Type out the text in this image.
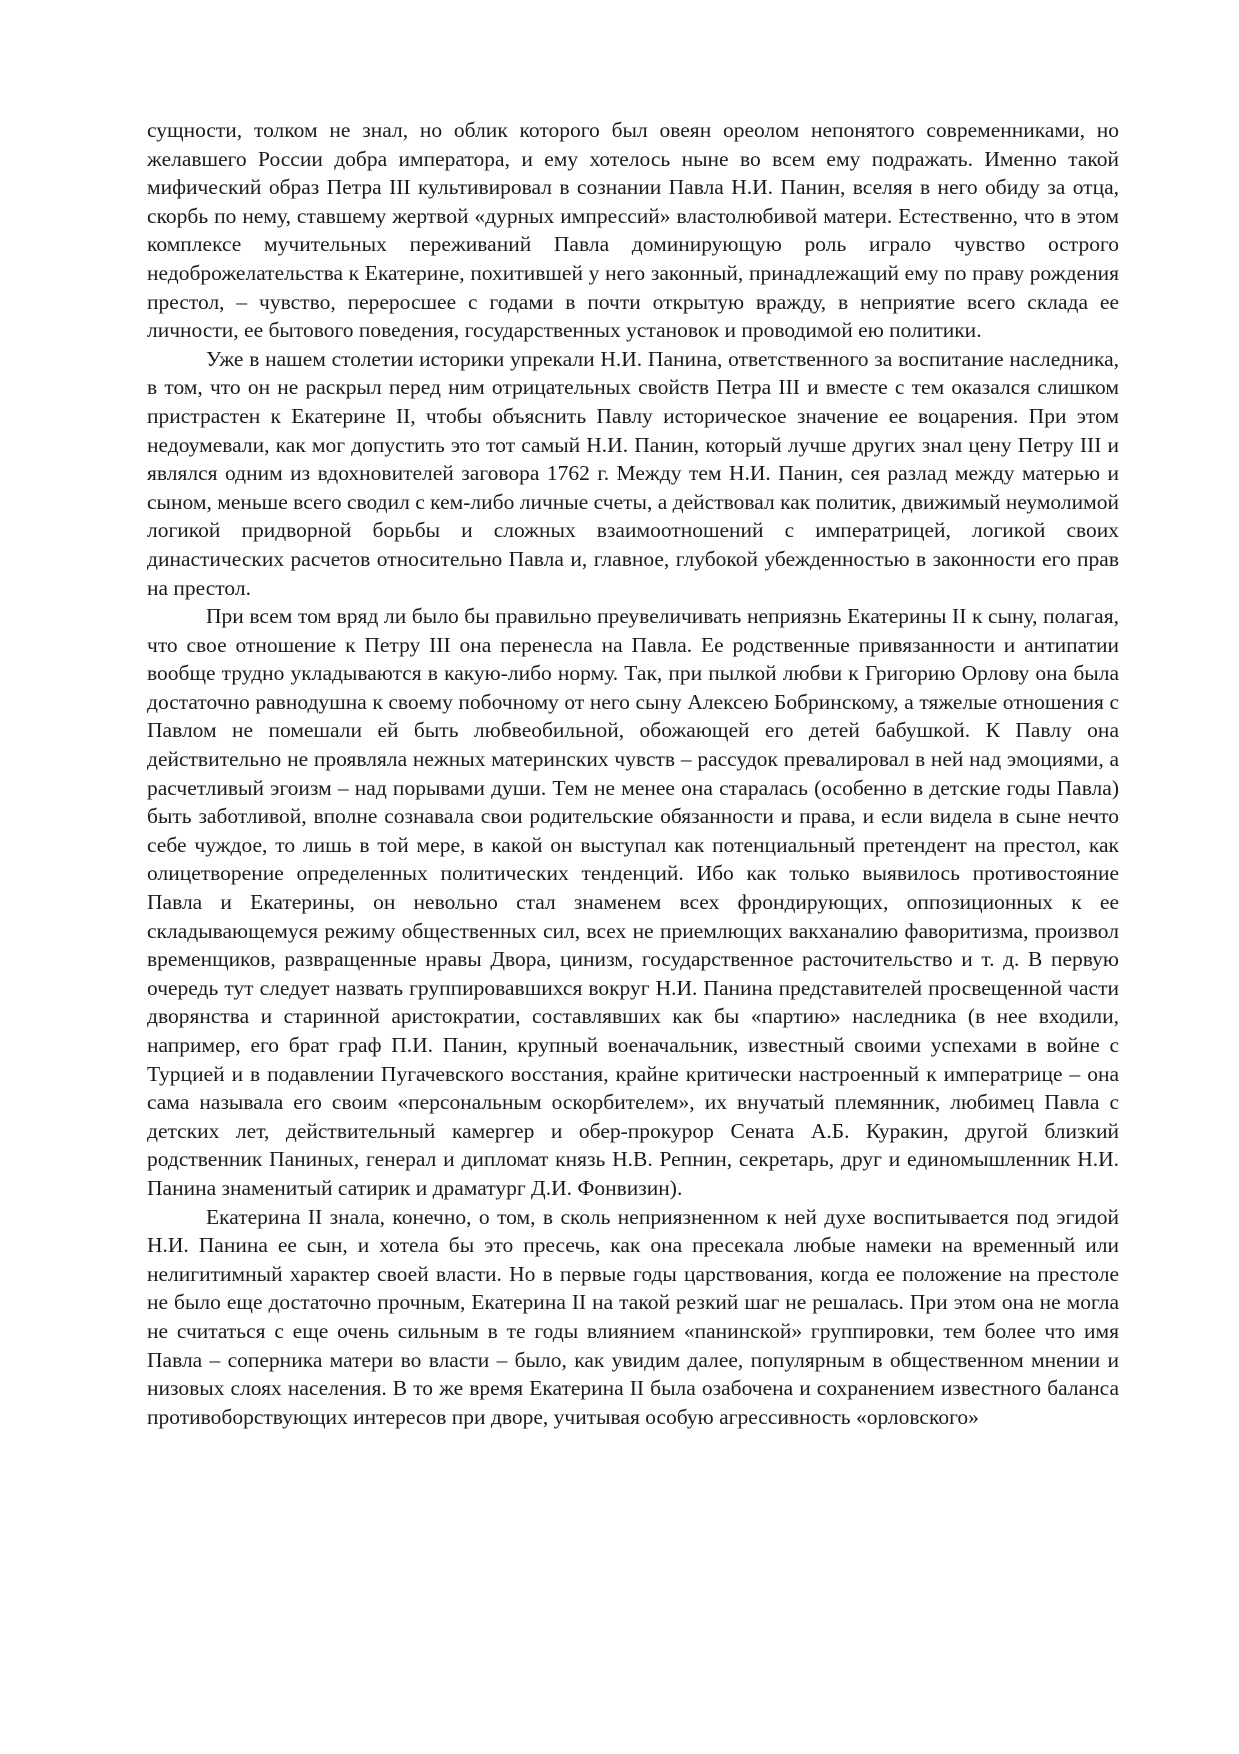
сущности, толком не знал, но облик которого был овеян ореолом непонятого современниками, но желавшего России добра императора, и ему хотелось ныне во всем ему подражать. Именно такой мифический образ Петра III культивировал в сознании Павла Н.И. Панин, вселяя в него обиду за отца, скорбь по нему, ставшему жертвой «дурных импрессий» властолюбивой матери. Естественно, что в этом комплексе мучительных переживаний Павла доминирующую роль играло чувство острого недоброжелательства к Екатерине, похитившей у него законный, принадлежащий ему по праву рождения престол, – чувство, переросшее с годами в почти открытую вражду, в неприятие всего склада ее личности, ее бытового поведения, государственных установок и проводимой ею политики.

Уже в нашем столетии историки упрекали Н.И. Панина, ответственного за воспитание наследника, в том, что он не раскрыл перед ним отрицательных свойств Петра III и вместе с тем оказался слишком пристрастен к Екатерине II, чтобы объяснить Павлу историческое значение ее воцарения. При этом недоумевали, как мог допустить это тот самый Н.И. Панин, который лучше других знал цену Петру III и являлся одним из вдохновителей заговора 1762 г. Между тем Н.И. Панин, сея разлад между матерью и сыном, меньше всего сводил с кем-либо личные счеты, а действовал как политик, движимый неумолимой логикой придворной борьбы и сложных взаимоотношений с императрицей, логикой своих династических расчетов относительно Павла и, главное, глубокой убежденностью в законности его прав на престол.

При всем том вряд ли было бы правильно преувеличивать неприязнь Екатерины II к сыну, полагая, что свое отношение к Петру III она перенесла на Павла. Ее родственные привязанности и антипатии вообще трудно укладываются в какую-либо норму. Так, при пылкой любви к Григорию Орлову она была достаточно равнодушна к своему побочному от него сыну Алексею Бобринскому, а тяжелые отношения с Павлом не помешали ей быть любвеобильной, обожающей его детей бабушкой. К Павлу она действительно не проявляла нежных материнских чувств – рассудок превалировал в ней над эмоциями, а расчетливый эгоизм – над порывами души. Тем не менее она старалась (особенно в детские годы Павла) быть заботливой, вполне сознавала свои родительские обязанности и права, и если видела в сыне нечто себе чуждое, то лишь в той мере, в какой он выступал как потенциальный претендент на престол, как олицетворение определенных политических тенденций. Ибо как только выявилось противостояние Павла и Екатерины, он невольно стал знаменем всех фрондирующих, оппозиционных к ее складывающемуся режиму общественных сил, всех не приемлющих вакханалию фаворитизма, произвол временщиков, развращенные нравы Двора, цинизм, государственное расточительство и т. д. В первую очередь тут следует назвать группировавшихся вокруг Н.И. Панина представителей просвещенной части дворянства и старинной аристократии, составлявших как бы «партию» наследника (в нее входили, например, его брат граф П.И. Панин, крупный военачальник, известный своими успехами в войне с Турцией и в подавлении Пугачевского восстания, крайне критически настроенный к императрице – она сама называла его своим «персональным оскорбителем», их внучатый племянник, любимец Павла с детских лет, действительный камергер и обер-прокурор Сената А.Б. Куракин, другой близкий родственник Паниных, генерал и дипломат князь Н.В. Репнин, секретарь, друг и единомышленник Н.И. Панина знаменитый сатирик и драматург Д.И. Фонвизин).

Екатерина II знала, конечно, о том, в сколь неприязненном к ней духе воспитывается под эгидой Н.И. Панина ее сын, и хотела бы это пресечь, как она пресекала любые намеки на временный или нелигитимный характер своей власти. Но в первые годы царствования, когда ее положение на престоле не было еще достаточно прочным, Екатерина II на такой резкий шаг не решалась. При этом она не могла не считаться с еще очень сильным в те годы влиянием «панинской» группировки, тем более что имя Павла – соперника матери во власти – было, как увидим далее, популярным в общественном мнении и низовых слоях населения. В то же время Екатерина II была озабочена и сохранением известного баланса противоборствующих интересов при дворе, учитывая особую агрессивность «орловского»
